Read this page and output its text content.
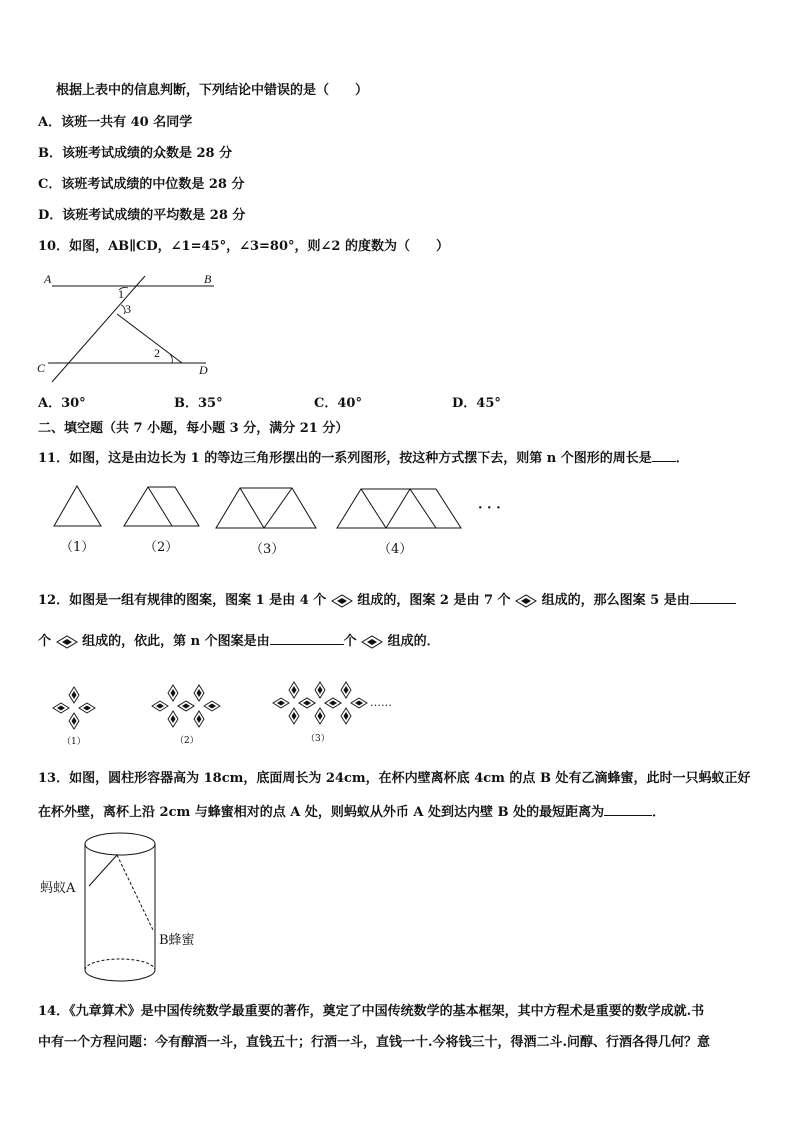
根据上表中的信息判断，下列结论中错误的是（　　）
A．该班一共有 40 名同学
B．该班考试成绩的众数是 28 分
C．该班考试成绩的中位数是 28 分
D．该班考试成绩的平均数是 28 分
10．如图，AB∥CD，∠1=45°，∠3=80°，则∠2 的度数为（　　）
A	B
C	D
1
3
2
A．30°	B．35°	C．40°	D．45°
二、填空题（共 7 小题，每小题 3 分，满分 21 分）
11．如图，这是由边长为 1 的等边三角形摆出的一系列图形，按这种方式摆下去，则第 n 个图形的周长是 ．
（1）	（2）	（3）	（4）
· · ·
12．如图是一组有规律的图案，图案 1 是由 4 个 组成的，图案 2 是由 7 个 组成的，那么图案 5 是由
个 组成的，依此，第 n 个图案是由	个 组成的．
（1）	（2）	（3）
……
13．如图，圆柱形容器高为 18cm，底面周长为 24cm，在杯内壁离杯底 4cm 的点 B 处有乙滴蜂蜜，此时一只蚂蚁正好
在杯外壁，离杯上沿 2cm 与蜂蜜相对的点 A 处，则蚂蚁从外币 A 处到达内壁 B 处的最短距离为	．
蚂蚁A
B蜂蜜
14．《九章算术》是中国传统数学最重要的著作，奠定了中国传统数学的基本框架，其中方程术是重要的数学成就.书
中有一个方程问题：今有醇酒一斗，直钱五十；行酒一斗，直钱一十.今将钱三十，得酒二斗.问醇、行酒各得几何？意
